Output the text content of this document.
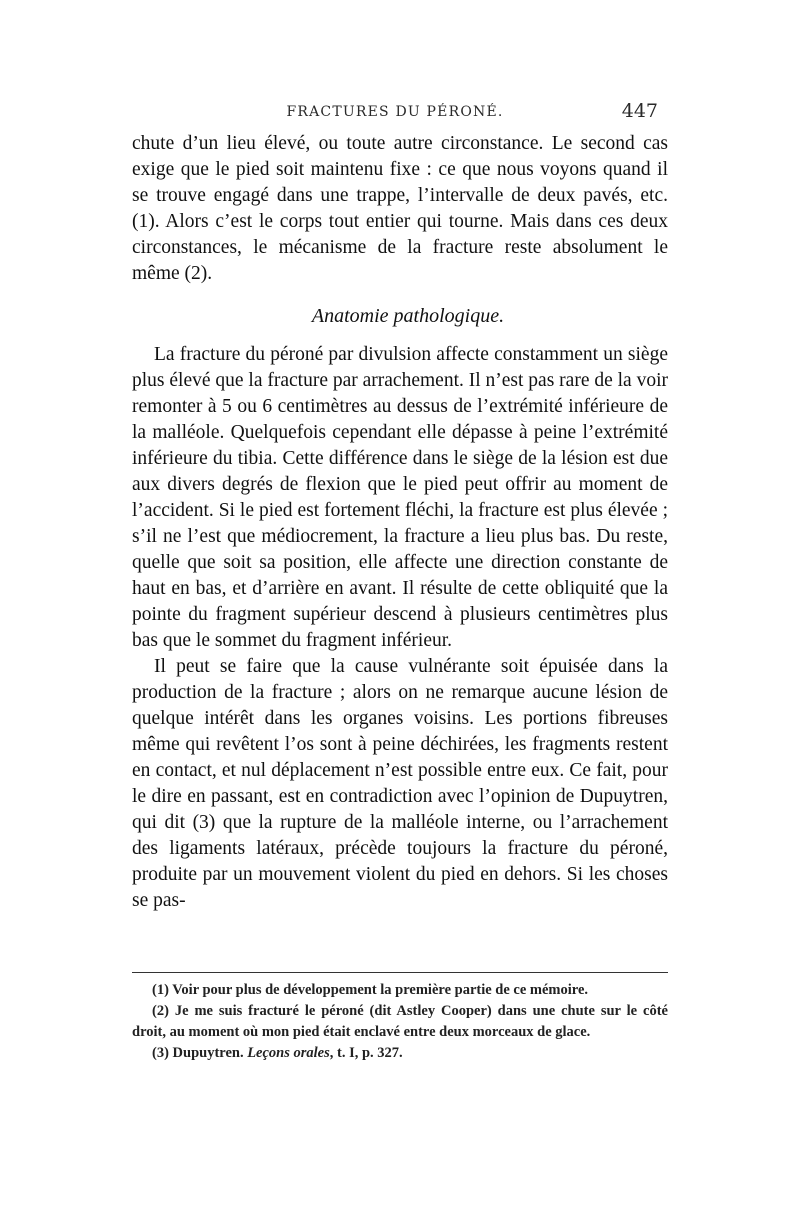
FRACTURES DU PÉRONÉ.	447

chute d’un lieu élevé, ou toute autre circonstance. Le second cas exige que le pied soit maintenu fixe : ce que nous voyons quand il se trouve engagé dans une trappe, l’intervalle de deux pavés, etc. (1). Alors c’est le corps tout entier qui tourne. Mais dans ces deux circonstances, le mécanisme de la fracture reste absolument le même (2).

Anatomie pathologique.

La fracture du péroné par divulsion affecte constamment un siège plus élevé que la fracture par arrachement. Il n’est pas rare de la voir remonter à 5 ou 6 centimètres au dessus de l’extrémité inférieure de la malléole. Quelquefois cependant elle dépasse à peine l’extrémité inférieure du tibia. Cette différence dans le siège de la lésion est due aux divers degrés de flexion que le pied peut offrir au moment de l’accident. Si le pied est fortement fléchi, la fracture est plus élevée ; s’il ne l’est que médiocrement, la fracture a lieu plus bas. Du reste, quelle que soit sa position, elle affecte une direction constante de haut en bas, et d’arrière en avant. Il résulte de cette obliquité que la pointe du fragment supérieur descend à plusieurs centimètres plus bas que le sommet du fragment inférieur.

Il peut se faire que la cause vulnérante soit épuisée dans la production de la fracture ; alors on ne remarque aucune lésion de quelque intérêt dans les organes voisins. Les portions fibreuses même qui revêtent l’os sont à peine déchirées, les fragments restent en contact, et nul déplacement n’est possible entre eux. Ce fait, pour le dire en passant, est en contradiction avec l’opinion de Dupuytren, qui dit (3) que la rupture de la malléole interne, ou l’arrachement des ligaments latéraux, précède toujours la fracture du péroné, produite par un mouvement violent du pied en dehors. Si les choses se pas-

(1) Voir pour plus de développement la première partie de ce mémoire.

(2) Je me suis fracturé le péroné (dit Astley Cooper) dans une chute sur le côté droit, au moment où mon pied était enclavé entre deux morceaux de glace.

(3) Dupuytren. Leçons orales, t. I, p. 327.
